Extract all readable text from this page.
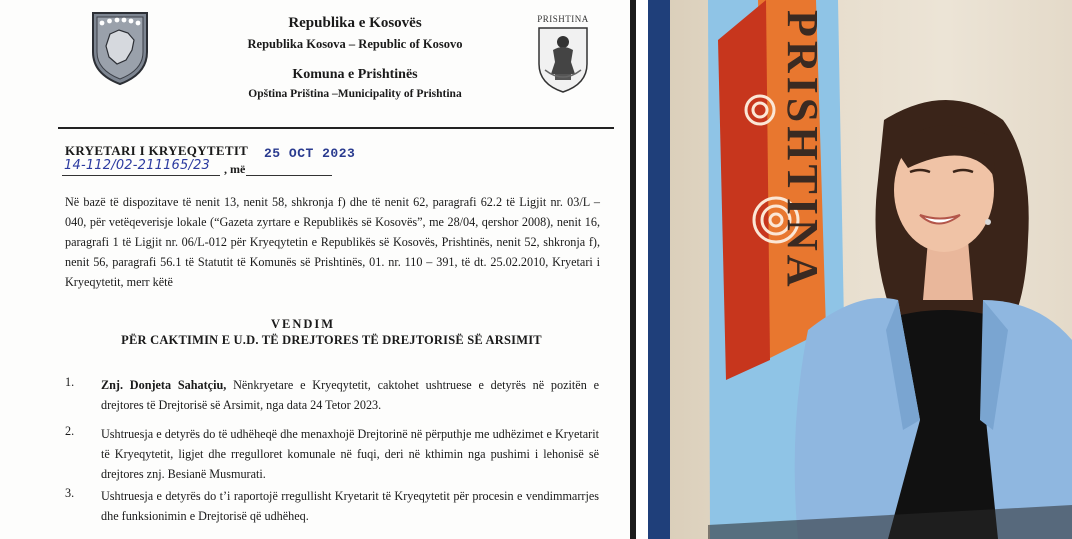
Republika e Kosovës
Republika Kosova – Republic of Kosovo
Komuna e Prishtinës
Opština Priština –Municipality of Prishtina
PRISHTINA
KRYETARI I KRYEQYTETIT 25 OCT 2023
14-112/02-211165/23 , më
Në bazë të dispozitave të nenit 13, nenit 58, shkronja f) dhe të nenit 62, paragrafi 62.2 të Ligjit nr. 03/L – 040, për vetëqeverisje lokale (“Gazeta zyrtare e Republikës së Kosovës”, me 28/04, qershor 2008), nenit 16, paragrafi 1 të Ligjit nr. 06/L-012 për Kryeqytetin e Republikës së Kosovës, Prishtinës, nenit 52, shkronja f), nenit 56, paragrafi 56.1 të Statutit të Komunës së Prishtinës, 01. nr. 110 – 391, të dt. 25.02.2010, Kryetari i Kryeqytetit, merr këtë
VENDIM
PËR CAKTIMIN E U.D. TË DREJTORES TË DREJTORISË SË ARSIMIT
1. Znj. Donjeta Sahatçiu, Nënkryetare e Kryeqytetit, caktohet ushtruese e detyrës në pozitën e drejtores të Drejtorisë së Arsimit, nga data 24 Tetor 2023.
2. Ushtruesja e detyrës do të udhëheqë dhe menaxhojë Drejtorinë në përputhje me udhëzimet e Kryetarit të Kryeqytetit, ligjet dhe rregulloret komunale në fuqi, deri në kthimin nga pushimi i lehonisë së drejtores znj. Besianë Musmurati.
3. Ushtruesja e detyrës do t’i raportojë rregullisht Kryetarit të Kryeqytetit për procesin e vendimmarrjes dhe funksionimin e Drejtorisë që udhëheq.
PRISHTINA
